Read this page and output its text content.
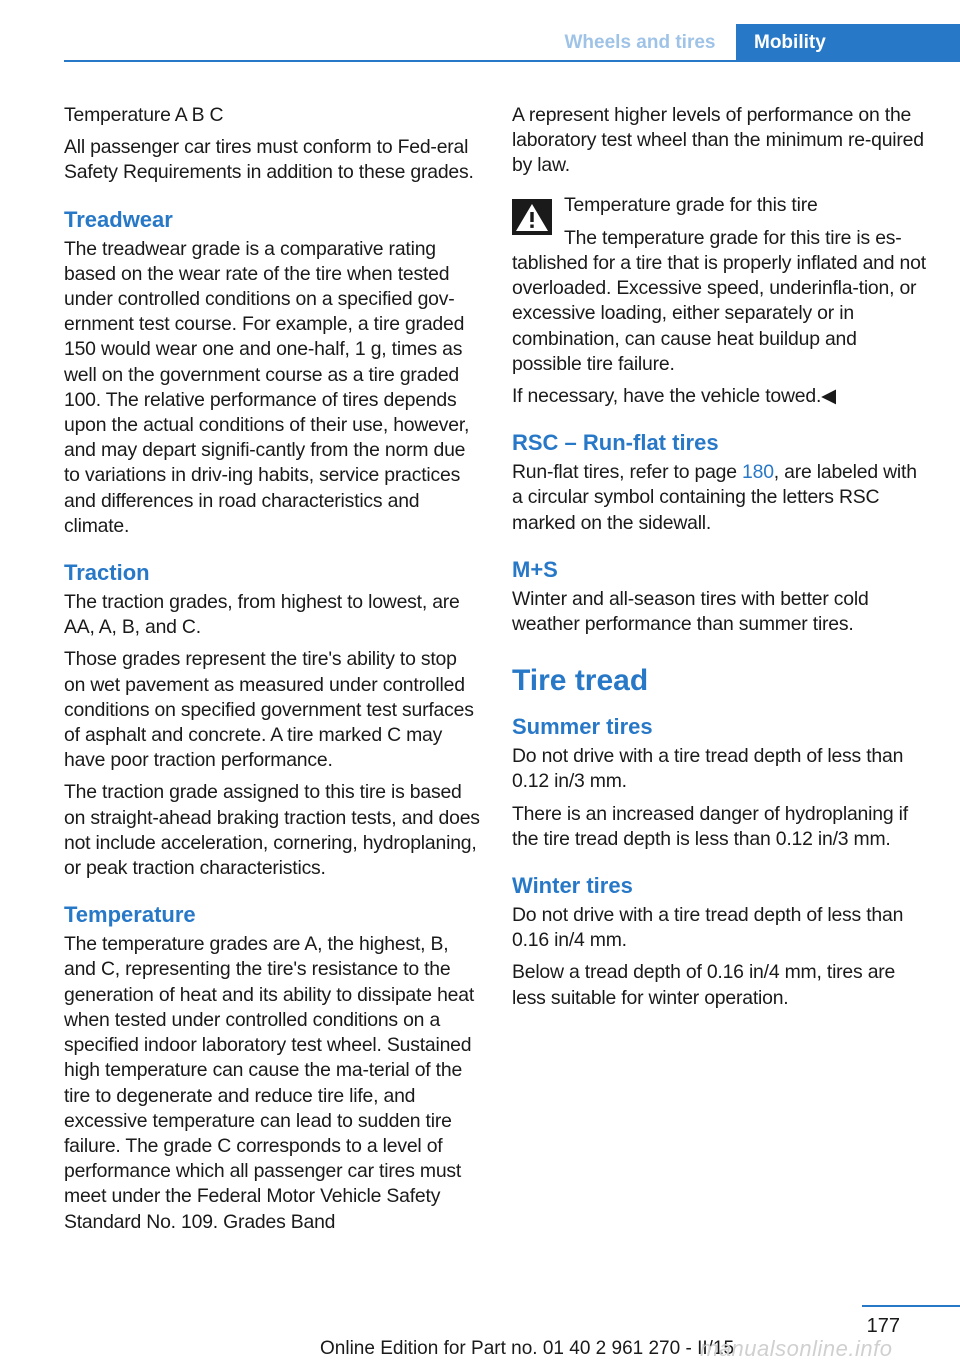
Wheels and tires	Mobility

Temperature A B C

All passenger car tires must conform to Fed‐eral Safety Requirements in addition to these grades.

Treadwear

The treadwear grade is a comparative rating based on the wear rate of the tire when tested under controlled conditions on a specified gov‐ernment test course. For example, a tire graded 150 would wear one and one-half, 1 g, times as well on the government course as a tire graded 100. The relative performance of tires depends upon the actual conditions of their use, however, and may depart signifi‐cantly from the norm due to variations in driv‐ing habits, service practices and differences in road characteristics and climate.

Traction

The traction grades, from highest to lowest, are AA, A, B, and C.

Those grades represent the tire's ability to stop on wet pavement as measured under controlled conditions on specified government test surfaces of asphalt and concrete. A tire marked C may have poor traction performance.

The traction grade assigned to this tire is based on straight-ahead braking traction tests, and does not include acceleration, cornering, hydroplaning, or peak traction characteristics.

Temperature

The temperature grades are A, the highest, B, and C, representing the tire's resistance to the generation of heat and its ability to dissipate heat when tested under controlled conditions on a specified indoor laboratory test wheel. Sustained high temperature can cause the ma‐terial of the tire to degenerate and reduce tire life, and excessive temperature can lead to sudden tire failure. The grade C corresponds to a level of performance which all passenger car tires must meet under the Federal Motor Vehicle Safety Standard No. 109. Grades Band

A represent higher levels of performance on the laboratory test wheel than the minimum re‐quired by law.

Temperature grade for this tire

The temperature grade for this tire is es‐tablished for a tire that is properly inflated and not overloaded. Excessive speed, underinfla‐tion, or excessive loading, either separately or in combination, can cause heat buildup and possible tire failure.

If necessary, have the vehicle towed.◀

RSC – Run-flat tires

Run-flat tires, refer to page 180, are labeled with a circular symbol containing the letters RSC marked on the sidewall.

M+S

Winter and all-season tires with better cold weather performance than summer tires.

Tire tread
Summer tires

Do not drive with a tire tread depth of less than 0.12 in/3 mm.

There is an increased danger of hydroplaning if the tire tread depth is less than 0.12 in/3 mm.

Winter tires

Do not drive with a tire tread depth of less than 0.16 in/4 mm.

Below a tread depth of 0.16 in/4 mm, tires are less suitable for winter operation.

177
Online Edition for Part no. 01 40 2 961 270 - II/15
manualsonline.info
